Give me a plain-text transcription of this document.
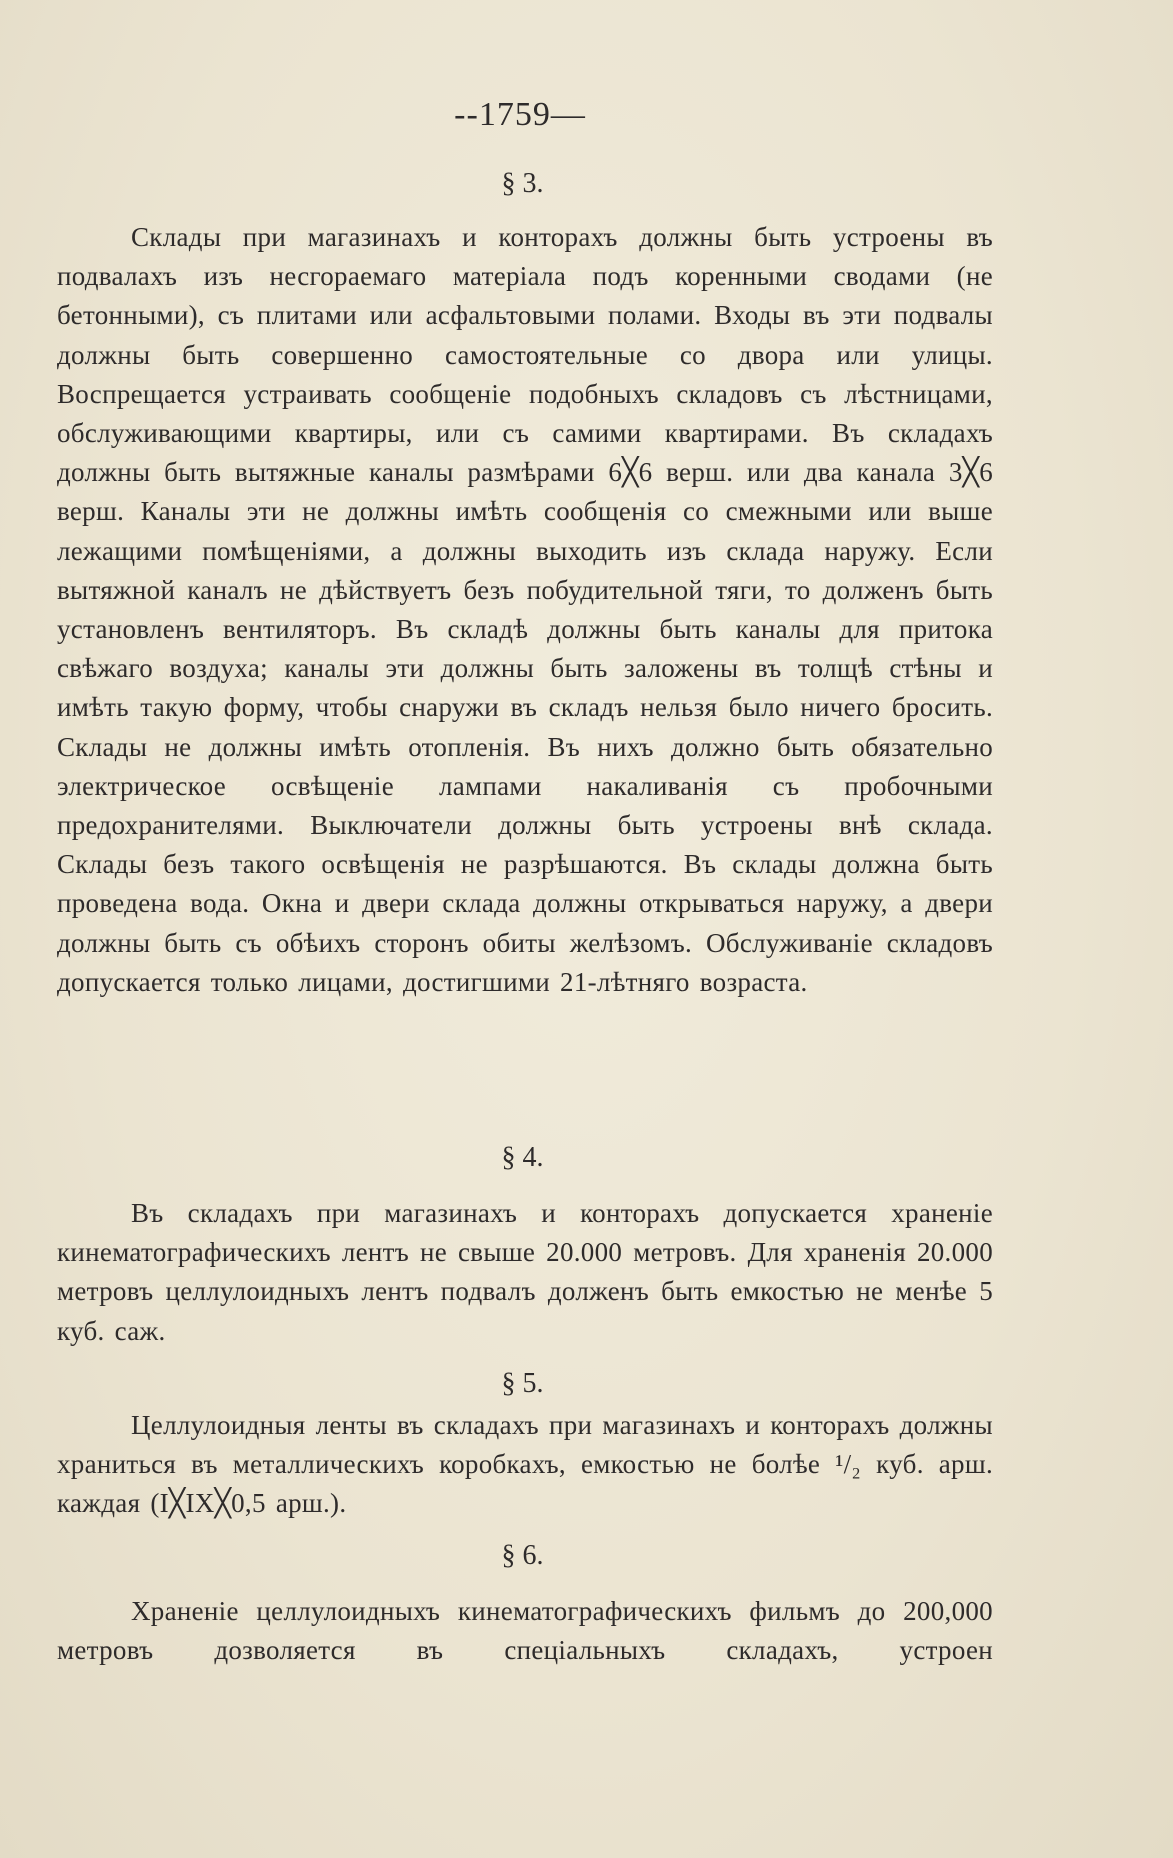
--1759—
§ 3.
Склады при магазинахъ и конторахъ должны быть устроены въ подвалахъ изъ несгораемаго матеріала подъ коренными сводами (не бетонными), съ плитами или асфальтовыми полами. Входы въ эти подвалы должны быть совершенно самостоятельные со двора или улицы. Воспрещается устраивать сообщеніе подобныхъ складовъ съ лѣстницами, обслуживающими квартиры, или съ самими квартирами. Въ складахъ должны быть вытяжные каналы размѣрами 6╳6 верш. или два канала 3╳6 верш. Каналы эти не должны имѣть сообщенія со смежными или выше лежащими помѣщеніями, а должны выходить изъ склада наружу. Если вытяжной каналъ не дѣйствуетъ безъ побудительной тяги, то долженъ быть установленъ вентиляторъ. Въ складѣ должны быть каналы для притока свѣжаго воздуха; каналы эти должны быть заложены въ толщѣ стѣны и имѣть такую форму, чтобы снаружи въ складъ нельзя было ничего бросить. Склады не должны имѣть отопленія. Въ нихъ должно быть обязательно электрическое освѣщеніе лампами накаливанія съ пробочными предохранителями. Выключатели должны быть устроены внѣ склада. Склады безъ такого освѣщенія не разрѣшаются. Въ склады должна быть проведена вода. Окна и двери склада должны открываться наружу, а двери должны быть съ обѣихъ сторонъ обиты желѣзомъ. Обслуживаніе складовъ допускается только лицами, достигшими 21-лѣтняго возраста.
§ 4.
Въ складахъ при магазинахъ и конторахъ допускается храненіе кинематографическихъ лентъ не свыше 20.000 метровъ. Для храненія 20.000 метровъ целлулоидныхъ лентъ подвалъ долженъ быть емкостью не менѣе 5 куб. саж.
§ 5.
Целлулоидныя ленты въ складахъ при магазинахъ и конторахъ должны храниться въ металлическихъ коробкахъ, емкостью не болѣе ¹/₂ куб. арш. каждая (I╳IX╳0,5 арш.).
§ 6.
Храненіе целлулоидныхъ кинематографическихъ фильмъ до 200,000 метровъ дозволяется въ спеціальныхъ складахъ, устроен
